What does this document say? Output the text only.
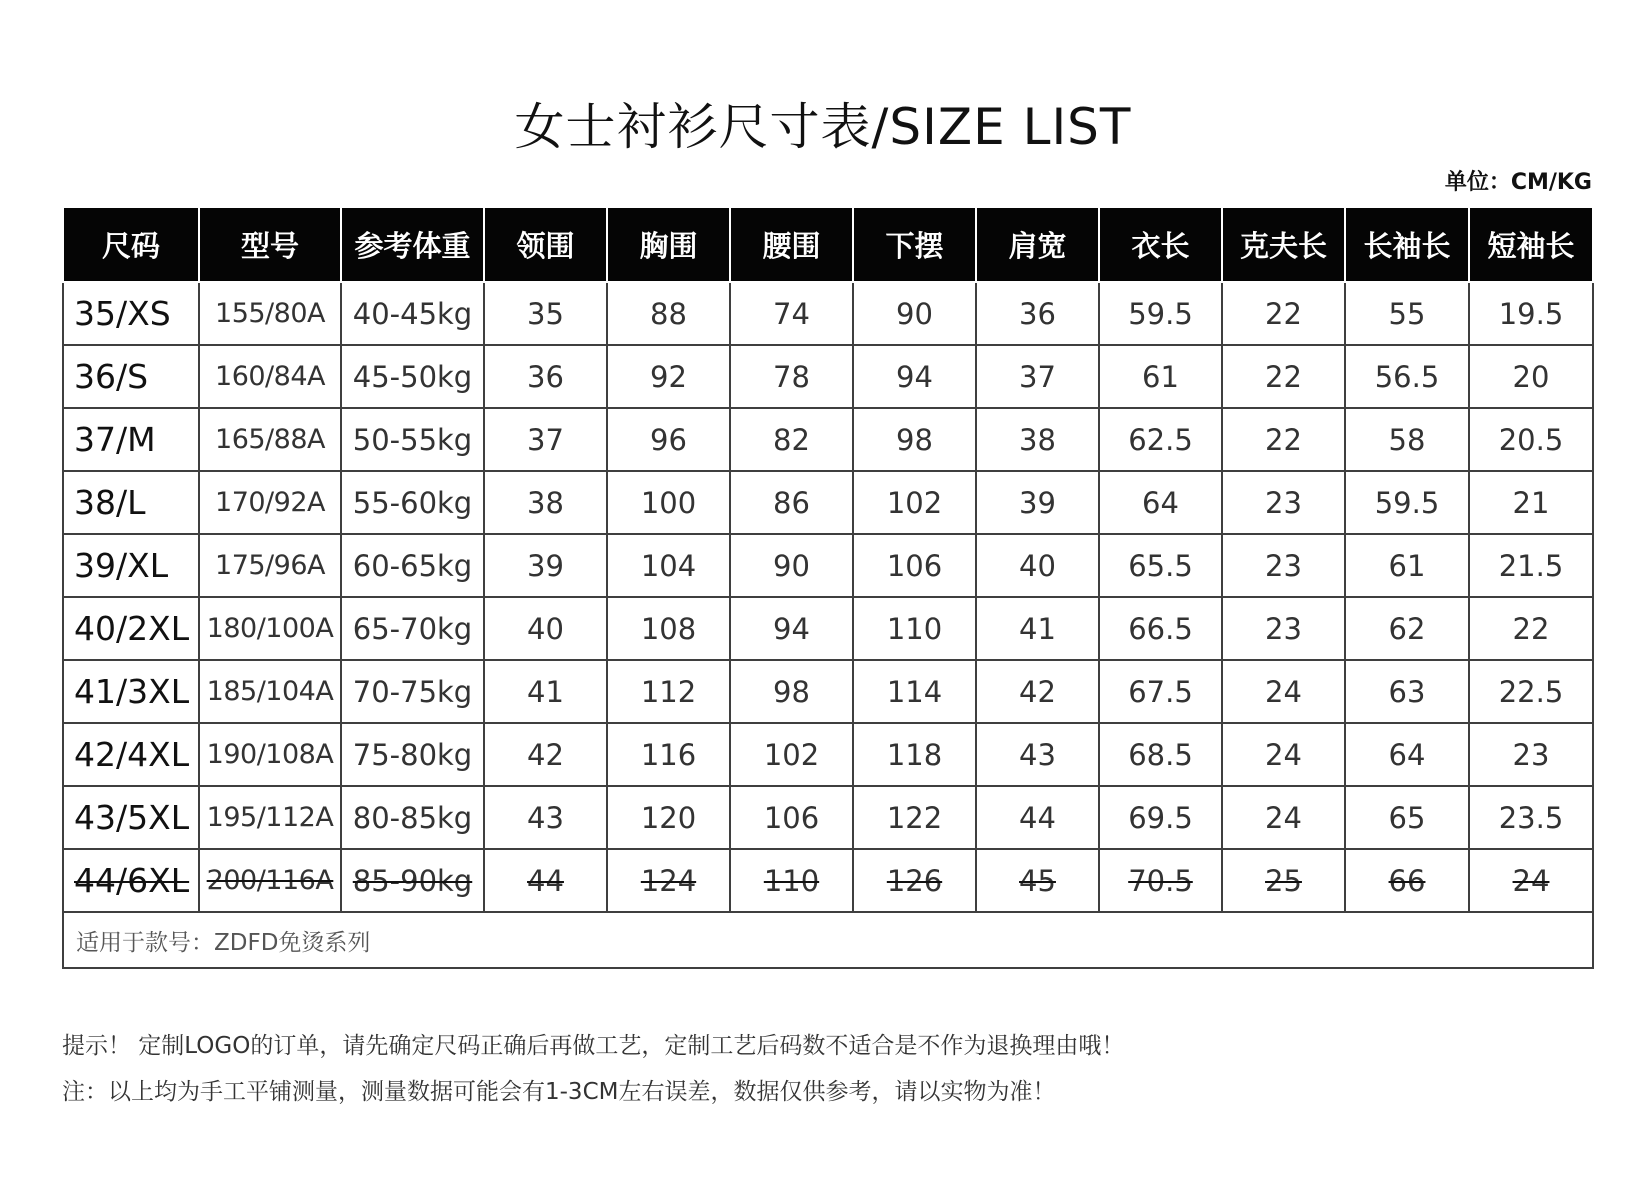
女士衬衫尺寸表/SIZE LIST
单位：CM/KG
尺码	型号	参考体重	领围	胸围	腰围	下摆	肩宽	衣长	克夫长	长袖长	短袖长
35/XS	155/80A	40-45kg	35	88	74	90	36	59.5	22	55	19.5
36/S	160/84A	45-50kg	36	92	78	94	37	61	22	56.5	20
37/M	165/88A	50-55kg	37	96	82	98	38	62.5	22	58	20.5
38/L	170/92A	55-60kg	38	100	86	102	39	64	23	59.5	21
39/XL	175/96A	60-65kg	39	104	90	106	40	65.5	23	61	21.5
40/2XL	180/100A	65-70kg	40	108	94	110	41	66.5	23	62	22
41/3XL	185/104A	70-75kg	41	112	98	114	42	67.5	24	63	22.5
42/4XL	190/108A	75-80kg	42	116	102	118	43	68.5	24	64	23
43/5XL	195/112A	80-85kg	43	120	106	122	44	69.5	24	65	23.5
44/6XL	200/116A	85-90kg	44	124	110	126	45	70.5	25	66	24
适用于款号：ZDFD免烫系列											
提示！ 定制LOGO的订单，请先确定尺码正确后再做工艺，定制工艺后码数不适合是不作为退换理由哦！
注：以上均为手工平铺测量，测量数据可能会有1-3CM左右误差，数据仅供参考，请以实物为准！
